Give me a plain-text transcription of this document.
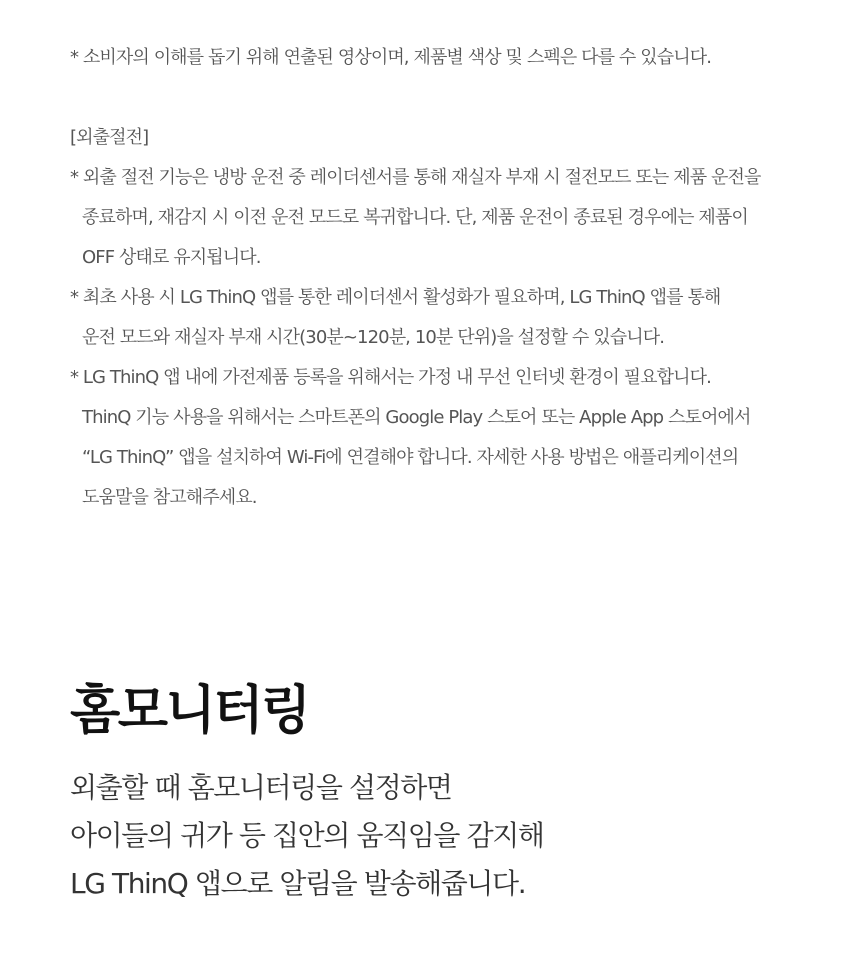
* 소비자의 이해를 돕기 위해 연출된 영상이며, 제품별 색상 및 스펙은 다를 수 있습니다.
[외출절전]
* 외출 절전 기능은 냉방 운전 중 레이더센서를 통해 재실자 부재 시 절전모드 또는 제품 운전을
종료하며, 재감지 시 이전 운전 모드로 복귀합니다. 단, 제품 운전이 종료된 경우에는 제품이
OFF 상태로 유지됩니다.
* 최초 사용 시 LG ThinQ 앱를 통한 레이더센서 활성화가 필요하며, LG ThinQ 앱를 통해
운전 모드와 재실자 부재 시간(30분~120분, 10분 단위)을 설정할 수 있습니다.
* LG ThinQ 앱 내에 가전제품 등록을 위해서는 가정 내 무선 인터넷 환경이 필요합니다.
ThinQ 기능 사용을 위해서는 스마트폰의 Google Play 스토어 또는 Apple App 스토어에서
“LG ThinQ” 앱을 설치하여 Wi-Fi에 연결해야 합니다. 자세한 사용 방법은 애플리케이션의
도움말을 참고해주세요.
홈모니터링
외출할 때 홈모니터링을 설정하면
아이들의 귀가 등 집안의 움직임을 감지해
LG ThinQ 앱으로 알림을 발송해줍니다.
